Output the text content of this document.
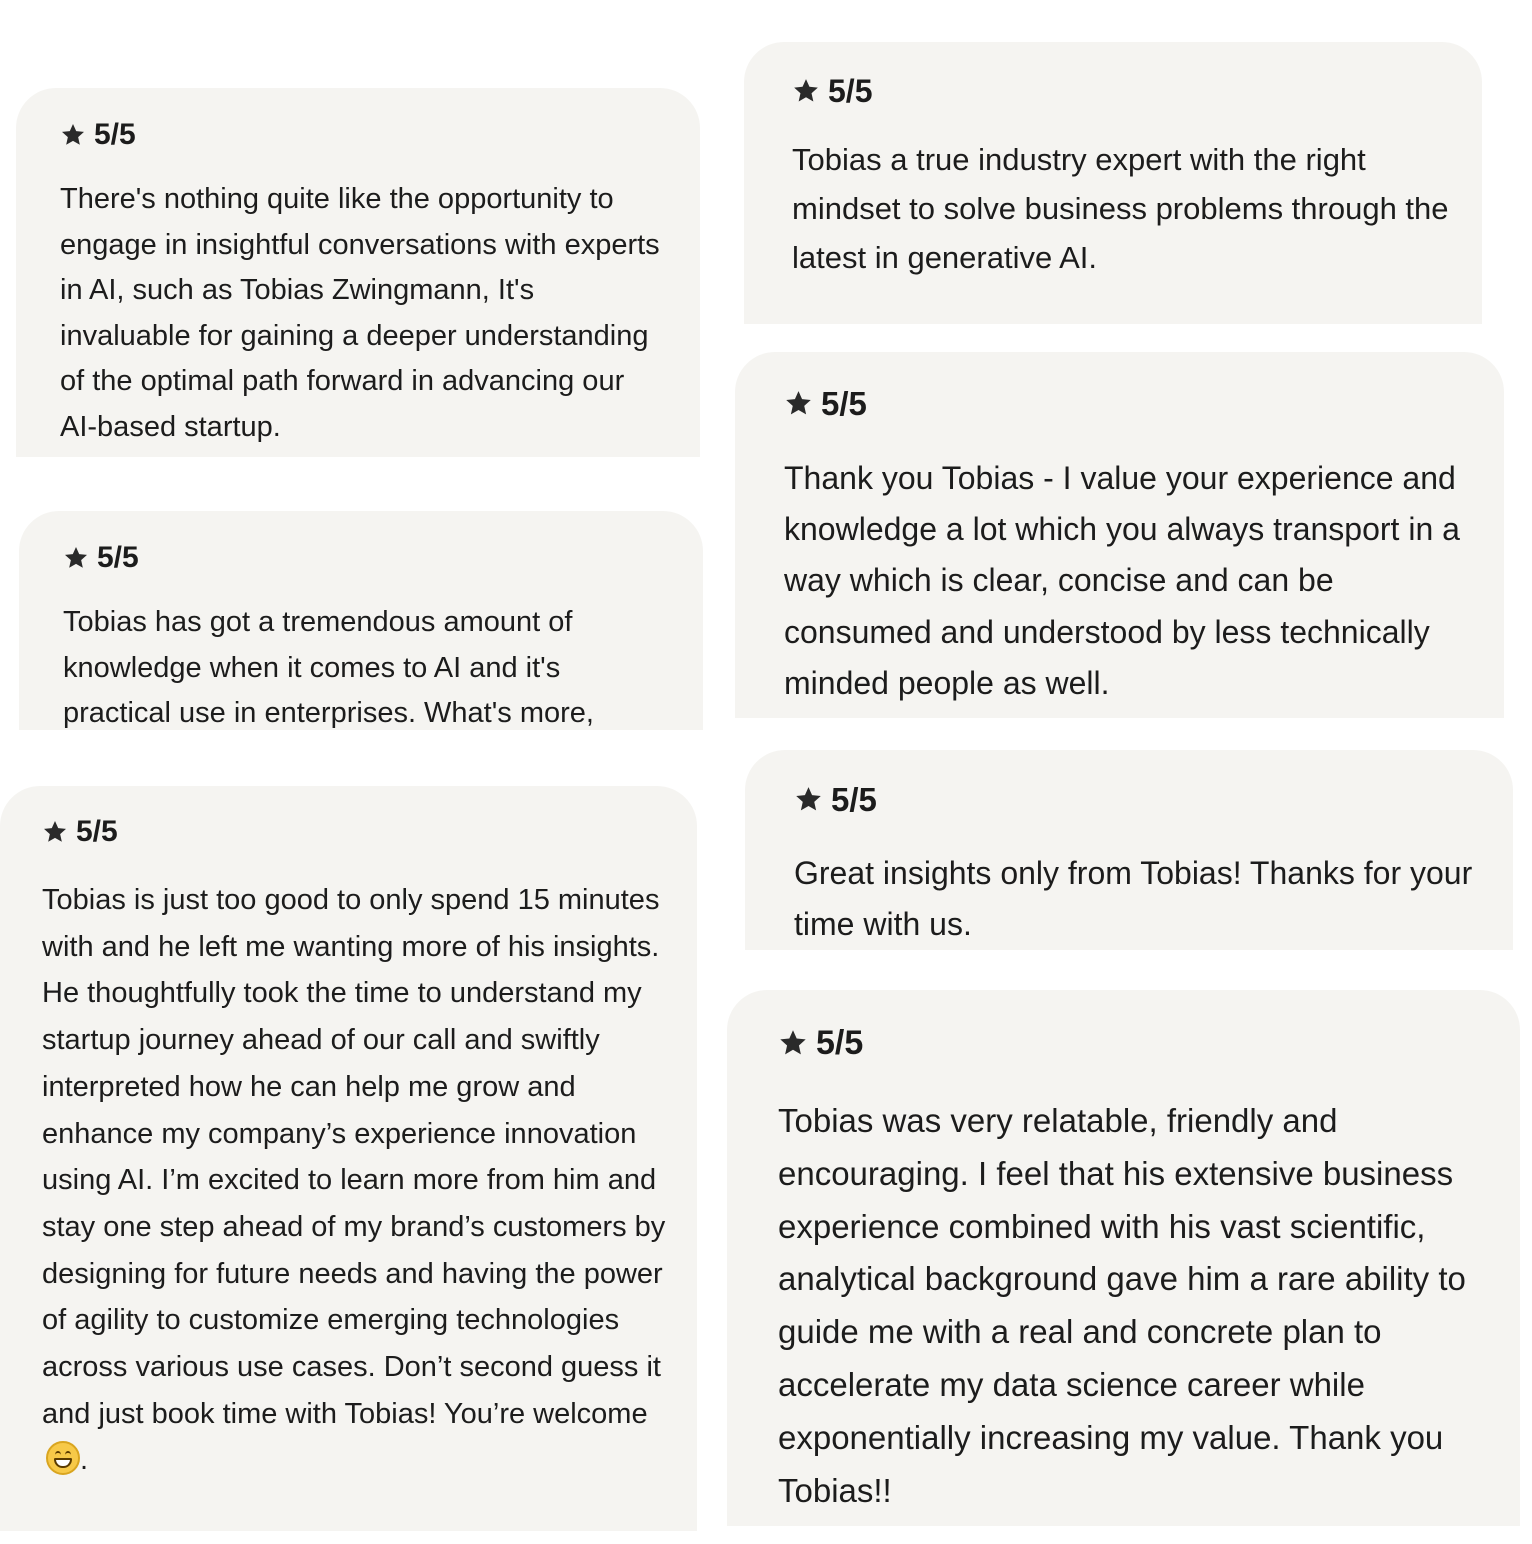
5/5

There's nothing quite like the opportunity to engage in insightful conversations with experts in AI, such as Tobias Zwingmann, It's invaluable for gaining a deeper understanding of the optimal path forward in advancing our AI-based startup.

5/5

Tobias has got a tremendous amount of knowledge when it comes to AI and it's practical use in enterprises. What's more,

5/5

Tobias is just too good to only spend 15 minutes with and he left me wanting more of his insights. He thoughtfully took the time to understand my startup journey ahead of our call and swiftly interpreted how he can help me grow and enhance my company’s experience innovation using AI. I’m excited to learn more from him and stay one step ahead of my brand’s customers by designing for future needs and having the power of agility to customize emerging technologies across various use cases. Don’t second guess it and just book time with Tobias! You’re welcome
.

5/5

Tobias a true industry expert with the right mindset to solve business problems through the latest in generative AI.

5/5

Thank you Tobias - I value your experience and knowledge a lot which you always transport in a way which is clear, concise and can be consumed and understood by less technically minded people as well.

5/5

Great insights only from Tobias! Thanks for your time with us.

5/5

Tobias was very relatable, friendly and encouraging. I feel that his extensive business experience combined with his vast scientific, analytical background gave him a rare ability to guide me with a real and concrete plan to accelerate my data science career while exponentially increasing my value. Thank you Tobias!!
